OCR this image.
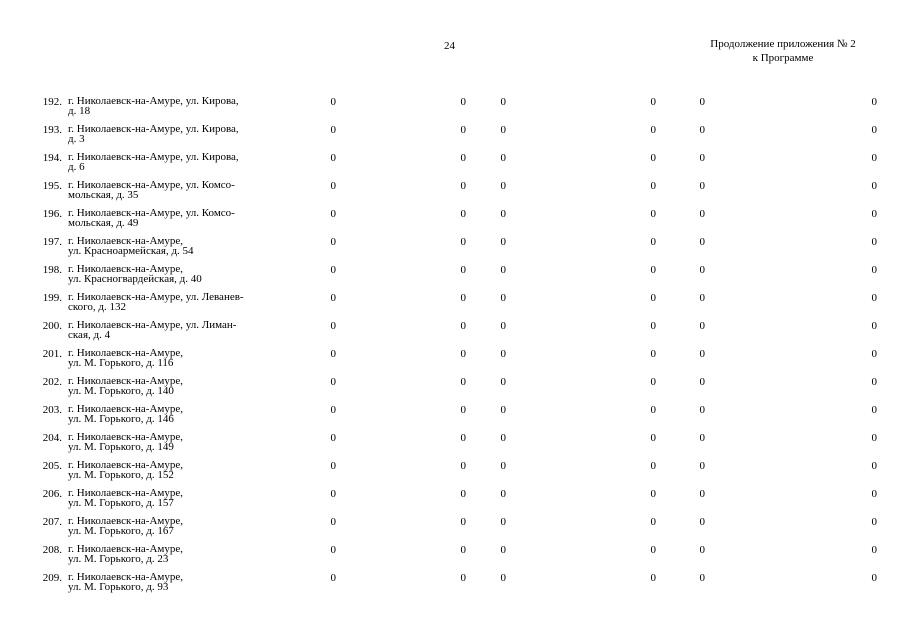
24	Продолжение приложения № 2
к Программе
192. г. Николаевск-на-Амуре, ул. Кирова,
д. 18
0	0	0	0	0	0
193. г. Николаевск-на-Амуре, ул. Кирова,
д. 3
0	0	0	0	0	0
194. г. Николаевск-на-Амуре, ул. Кирова,
д. 6
0	0	0	0	0	0
195. г. Николаевск-на-Амуре, ул. Комсо-
мольская, д. 35
0	0	0	0	0	0
196. г. Николаевск-на-Амуре, ул. Комсо-
мольская, д. 49
0	0	0	0	0	0
197. г. Николаевск-на-Амуре,
ул. Красноармейская, д. 54
0	0	0	0	0	0
198. г. Николаевск-на-Амуре,
ул. Красногвардейская, д. 40
0	0	0	0	0	0
199. г. Николаевск-на-Амуре, ул. Леванев-
ского, д. 132
0	0	0	0	0	0
200. г. Николаевск-на-Амуре, ул. Лиман-
ская, д. 4
0	0	0	0	0	0
201. г. Николаевск-на-Амуре,
ул. М. Горького, д. 116
0	0	0	0	0	0
202. г. Николаевск-на-Амуре,
ул. М. Горького, д. 140
0	0	0	0	0	0
203. г. Николаевск-на-Амуре,
ул. М. Горького, д. 146
0	0	0	0	0	0
204. г. Николаевск-на-Амуре,
ул. М. Горького, д. 149
0	0	0	0	0	0
205. г. Николаевск-на-Амуре,
ул. М. Горького, д. 152
0	0	0	0	0	0
206. г. Николаевск-на-Амуре,
ул. М. Горького, д. 157
0	0	0	0	0	0
207. г. Николаевск-на-Амуре,
ул. М. Горького, д. 167
0	0	0	0	0	0
208. г. Николаевск-на-Амуре,
ул. М. Горького, д. 23
0	0	0	0	0	0
209. г. Николаевск-на-Амуре,
ул. М. Горького, д. 93
0	0	0	0	0	0
